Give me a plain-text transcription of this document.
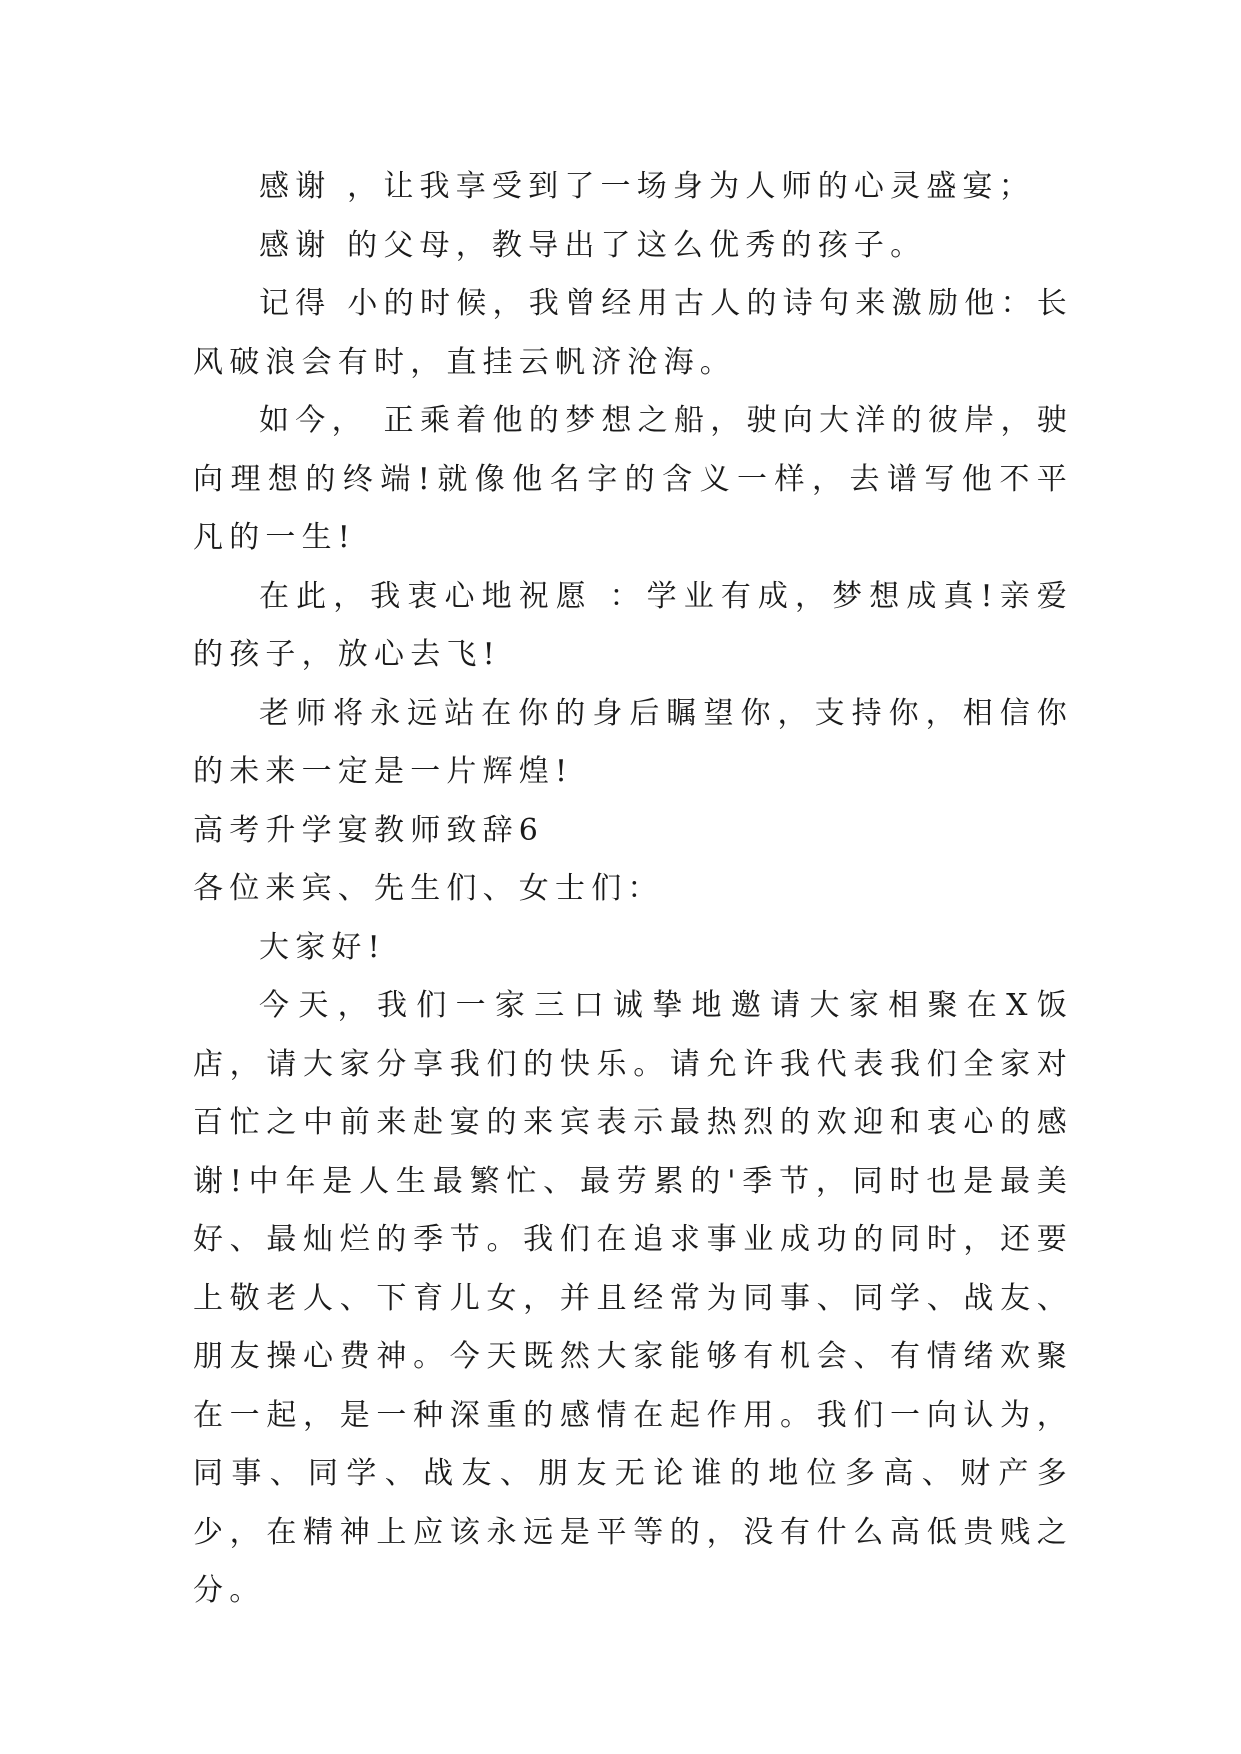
感谢 ，让我享受到了一场身为人师的心灵盛宴；

感谢 的父母，教导出了这么优秀的孩子。

记得 小的时候，我曾经用古人的诗句来激励他：长风破浪会有时，直挂云帆济沧海。

如今， 正乘着他的梦想之船，驶向大洋的彼岸，驶向理想的终端!就像他名字的含义一样，去谱写他不平凡的一生!

在此，我衷心地祝愿 ：学业有成，梦想成真!亲爱的孩子，放心去飞!

老师将永远站在你的身后瞩望你，支持你，相信你的未来一定是一片辉煌!

高考升学宴教师致辞6

各位来宾、先生们、女士们：

大家好!

今天，我们一家三口诚挚地邀请大家相聚在X饭店，请大家分享我们的快乐。请允许我代表我们全家对百忙之中前来赴宴的来宾表示最热烈的欢迎和衷心的感谢!中年是人生最繁忙、最劳累的'季节，同时也是最美好、最灿烂的季节。我们在追求事业成功的同时，还要上敬老人、下育儿女，并且经常为同事、同学、战友、朋友操心费神。今天既然大家能够有机会、有情绪欢聚在一起，是一种深重的感情在起作用。我们一向认为，同事、同学、战友、朋友无论谁的地位多高、财产多少，在精神上应该永远是平等的，没有什么高低贵贱之分。
